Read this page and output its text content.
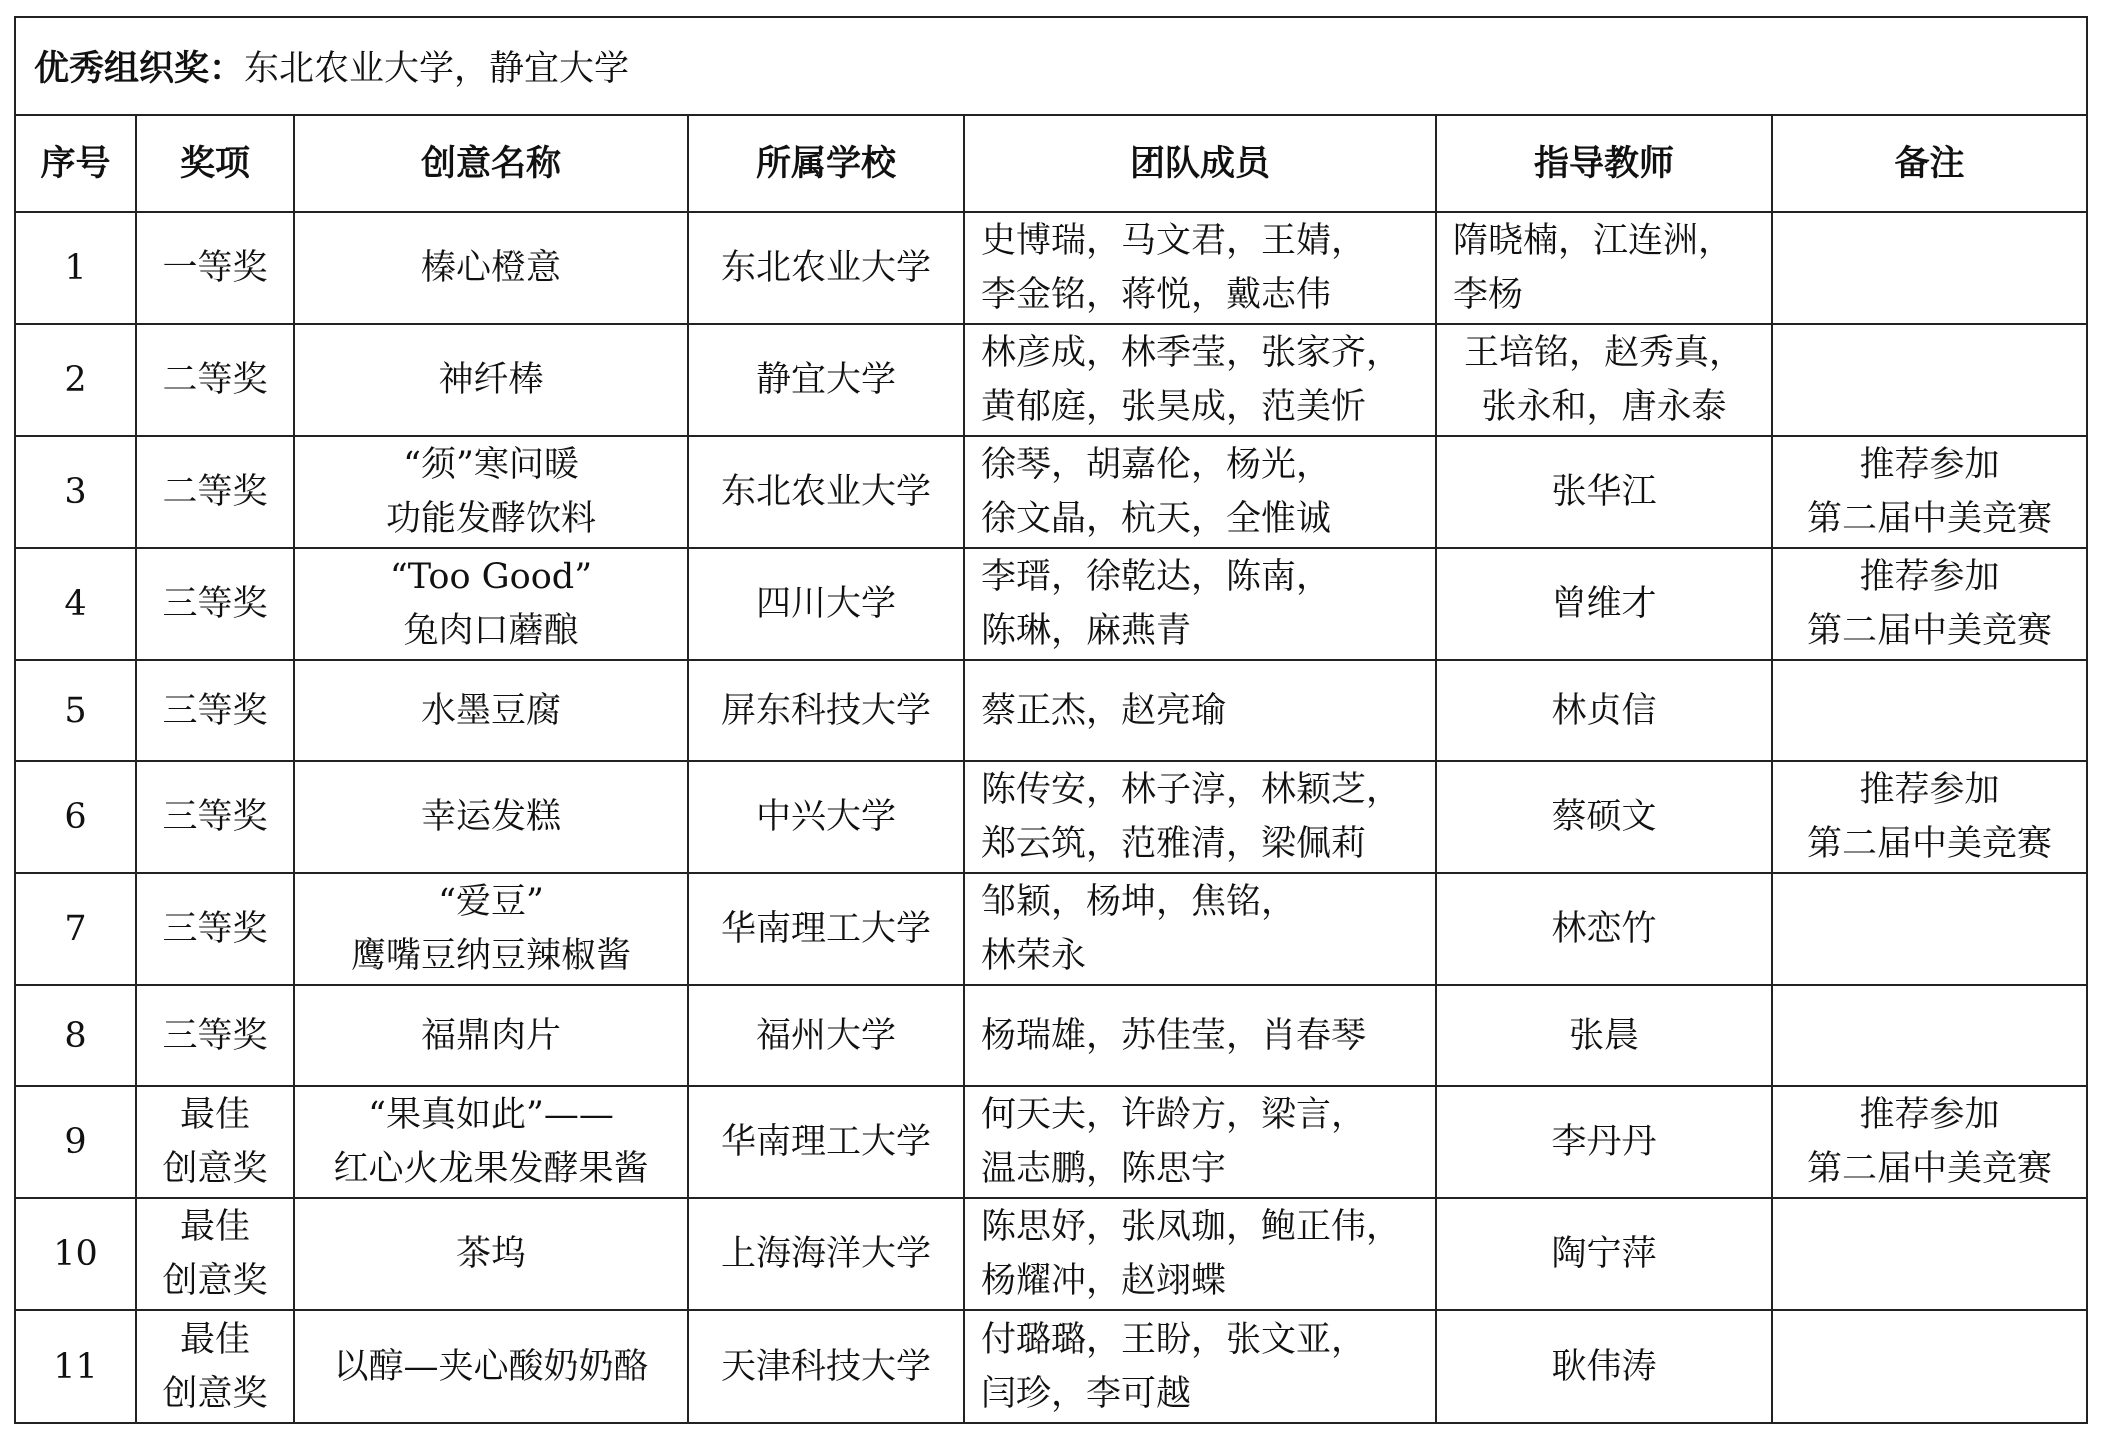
优秀组织奖： 东北农业大学，静宜大学
序号	奖项	创意名称	所属学校	团队成员	指导教师	备注
1	一等奖	榛心橙意	东北农业大学	史博瑞，马文君，王婧，
李金铭，蒋悦，戴志伟	隋晓楠，江连洲，
李杨	

2	二等奖	神纤棒	静宜大学	林彦成，林季莹，张家齐，
黄郁庭，张昊成，范美忻	王培铭，赵秀真，
张永和，唐永泰	

3	二等奖	“须”寒问暖
功能发酵饮料	东北农业大学	徐琴，胡嘉伦，杨光，
徐文晶，杭天，全惟诚	张华江	推荐参加
第二届中美竞赛

4	三等奖	“Too Good”
兔肉口蘑酿	四川大学	李瑨，徐乾达，陈南，
陈琳，麻燕青	曾维才	推荐参加
第二届中美竞赛

5	三等奖	水墨豆腐	屏东科技大学	蔡正杰，赵亮瑜	林贞信	

6	三等奖	幸运发糕	中兴大学	陈传安，林子淳，林颖芝，
郑云筑，范雅清，梁佩莉	蔡硕文	推荐参加
第二届中美竞赛

7	三等奖	“爱豆”
鹰嘴豆纳豆辣椒酱	华南理工大学	邹颖，杨坤，焦铭，
林荣永	林恋竹	

8	三等奖	福鼎肉片	福州大学	杨瑞雄，苏佳莹，肖春琴	张晨	

9	最佳
创意奖	“果真如此”——
红心火龙果发酵果酱	华南理工大学	何天夫，许龄方，梁言，
温志鹏，陈思宇	李丹丹	推荐参加
第二届中美竞赛

10	最佳
创意奖	茶坞	上海海洋大学	陈思妤，张凤珈，鲍正伟，
杨耀冲，赵翊蝶	陶宁萍	

11	最佳
创意奖	以醇—夹心酸奶奶酪	天津科技大学	付璐璐，王盼，张文亚，
闫珍，李可越	耿伟涛	
